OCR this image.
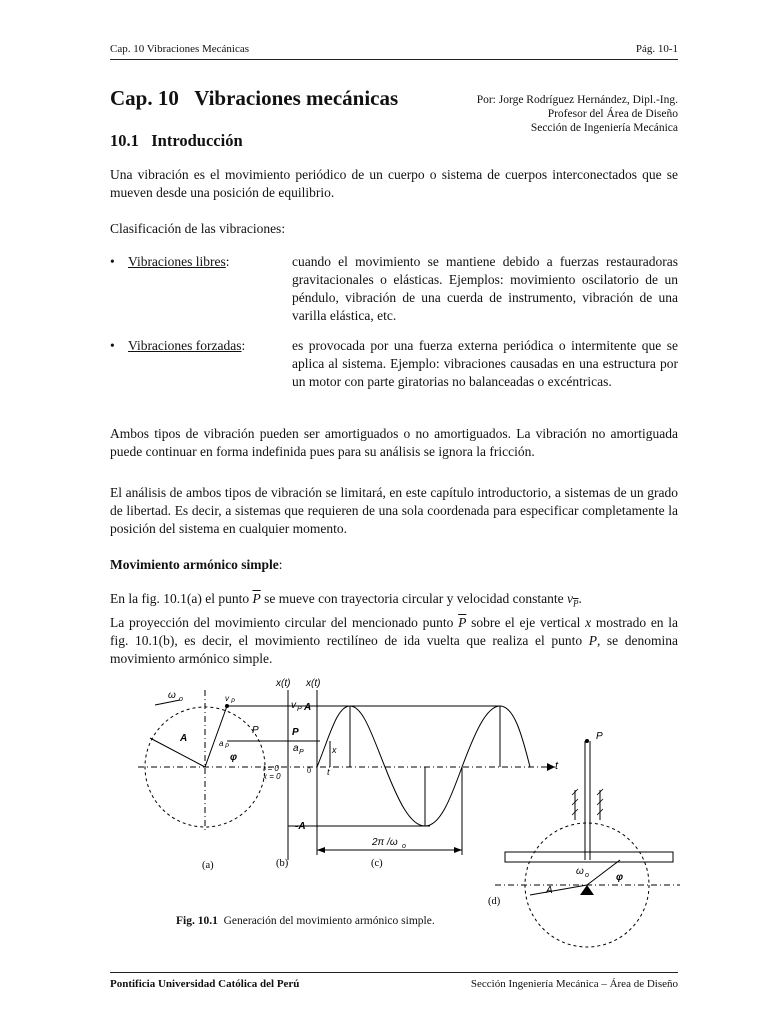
Cap. 10 Vibraciones Mecánicas	Pág. 10-1
Cap. 10   Vibraciones mecánicas	Por: Jorge Rodríguez Hernández, Dipl.-Ing.
Profesor del Área de Diseño
Sección de Ingeniería Mecánica
10.1   Introducción
Una vibración es el movimiento periódico de un cuerpo o sistema de cuerpos interconectados que se mueven desde una posición de equilibrio.
Clasificación de las vibraciones:
• Vibraciones libres:	cuando el movimiento se mantiene debido a fuerzas restauradoras gravitacionales o elásticas. Ejemplos: movimiento oscilatorio de un péndulo, vibración de una cuerda de instrumento, vibración de una varilla elástica, etc.
• Vibraciones forzadas:	es provocada por una fuerza externa periódica o intermitente que se aplica al sistema. Ejemplo: vibraciones causadas en una estructura por un motor con parte giratorias no balanceadas o excéntricas.
Ambos tipos de vibración pueden ser amortiguados o no amortiguados. La vibración no amortiguada puede continuar en forma indefinida pues para su análisis se ignora la fricción.
El análisis de ambos tipos de vibración se limitará, en este capítulo introductorio, a sistemas de un grado de libertad. Es decir, a sistemas que requieren de una sola coordenada para especificar completamente la posición del sistema en cualquier momento.
Movimiento armónico simple:
En la fig. 10.1(a) el punto $\overline{P}$ se mueve con trayectoria circular y velocidad constante $v_{\overline{P}}$.
La proyección del movimiento circular del mencionado punto $\overline{P}$ sobre el eje vertical x mostrado en la fig. 10.1(b), es decir, el movimiento rectilíneo de ida vuelta que realiza el punto P, se denomina movimiento armónico simple.
x(t) x(t)
ω o	v P	v P A
P	P
A	a P	a P
φ
t = 0
x = 0
0 t
x
t
-A
2π /ω o
P
ω o	φ
A
(a)	(b)	(c)
(d)
Fig. 10.1 Generación del movimiento armónico simple.
Pontificia Universidad Católica del Perú	Sección Ingeniería Mecánica – Área de Diseño
